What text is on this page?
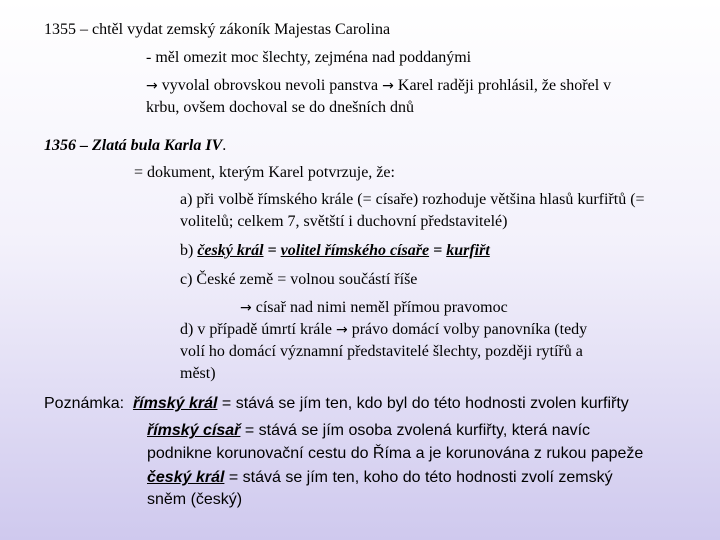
1355 – chtěl vydat zemský zákoník Majestas Carolina
- měl omezit moc šlechty, zejména nad poddanými
→ vyvolal obrovskou nevoli panstva → Karel raději prohlásil, že shořel v
krbu, ovšem dochoval se do dnešních dnů
1356 – Zlatá bula Karla IV.
= dokument, kterým Karel potvrzuje, že:
a) při volbě římského krále (= císaře) rozhoduje většina hlasů kurfiřtů (=
volitelů; celkem 7, světští i duchovní představitelé)
b) český král = volitel římského císaře = kurfiřt
c) České země = volnou součástí říše
→ císař nad nimi neměl přímou pravomoc
d) v případě úmrtí krále → právo domácí volby panovníka (tedy
volí ho domácí významní představitelé šlechty, později rytířů a
měst)
Poznámka: římský král = stává se jím ten, kdo byl do této hodnosti zvolen kurfiřty
římský císař = stává se jím osoba zvolená kurfiřty, která navíc
podnikne korunovační cestu do Říma a je korunována z rukou papeže
český král = stává se jím ten, koho do této hodnosti zvolí zemský
sněm (český)
